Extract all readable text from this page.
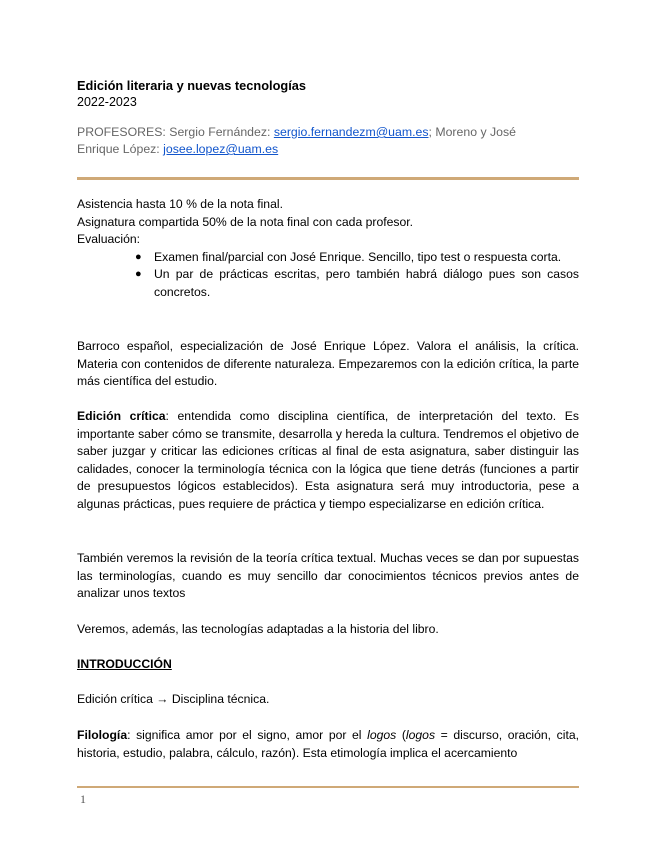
Edición literaria y nuevas tecnologías
2022-2023
PROFESORES: Sergio Fernández: sergio.fernandezm@uam.es; Moreno y José Enrique López: josee.lopez@uam.es
Asistencia hasta 10 % de la nota final.
Asignatura compartida 50% de la nota final con cada profesor.
Evaluación:
● Examen final/parcial con José Enrique. Sencillo, tipo test o respuesta corta.
● Un par de prácticas escritas, pero también habrá diálogo pues son casos concretos.
Barroco español, especialización de José Enrique López. Valora el análisis, la crítica. Materia con contenidos de diferente naturaleza. Empezaremos con la edición crítica, la parte más científica del estudio.
Edición crítica: entendida como disciplina científica, de interpretación del texto. Es importante saber cómo se transmite, desarrolla y hereda la cultura. Tendremos el objetivo de saber juzgar y criticar las ediciones críticas al final de esta asignatura, saber distinguir las calidades, conocer la terminología técnica con la lógica que tiene detrás (funciones a partir de presupuestos lógicos establecidos). Esta asignatura será muy introductoria, pese a algunas prácticas, pues requiere de práctica y tiempo especializarse en edición crítica.
También veremos la revisión de la teoría crítica textual. Muchas veces se dan por supuestas las terminologías, cuando es muy sencillo dar conocimientos técnicos previos antes de analizar unos textos
Veremos, además, las tecnologías adaptadas a la historia del libro.
INTRODUCCIÓN
Edición crítica → Disciplina técnica.
Filología: significa amor por el signo, amor por el logos (logos = discurso, oración, cita, historia, estudio, palabra, cálculo, razón). Esta etimología implica el acercamiento
1
